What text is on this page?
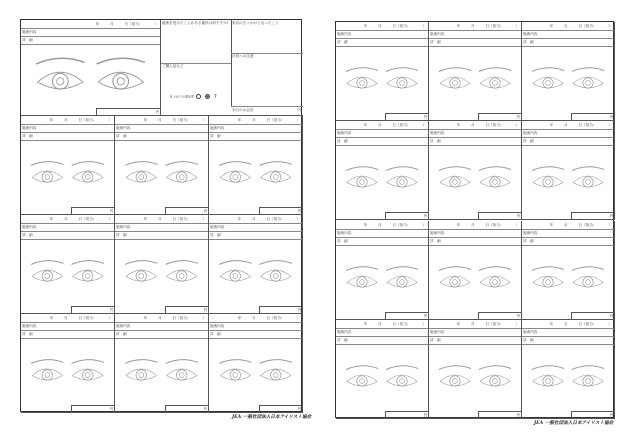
年　　　月　　　日（担当:　　　　）
施術内容
詳　細
円
施術を受けたことがある箇所は何ですか? 来店のきっかけとなったこと
ご購入品など
次回への注意
仕上がりの満足度	?
本日のお会計	円
年　　　月　　　日（担当:　　　　）
施術内容
詳　細
円
年　　　月　　　日（担当:　　　　）
施術内容
詳　細
円
年　　　月　　　日（担当:　　　　）
施術内容
詳　細
円
年　　　月　　　日（担当:　　　　）
施術内容
詳　細
円
年　　　月　　　日（担当:　　　　）
施術内容
詳　細
円
年　　　月　　　日（担当:　　　　）
施術内容
詳　細
円
年　　　月　　　日（担当:　　　　）
施術内容
詳　細
円
年　　　月　　　日（担当:　　　　）
施術内容
詳　細
円
年　　　月　　　日（担当:　　　　）
施術内容
詳　細
円
年　　　月　　　日（担当:　　　　）
施術内容
詳　細
円
年　　　月　　　日（担当:　　　　）
施術内容
詳　細
円
年　　　月　　　日（担当:　　　　）
施術内容
詳　細
円
年　　　月　　　日（担当:　　　　）
施術内容
詳　細
円
年　　　月　　　日（担当:　　　　）
施術内容
詳　細
円
年　　　月　　　日（担当:　　　　）
施術内容
詳　細
円
年　　　月　　　日（担当:　　　　）
施術内容
詳　細
円
年　　　月　　　日（担当:　　　　）
施術内容
詳　細
円
年　　　月　　　日（担当:　　　　）
施術内容
詳　細
円
年　　　月　　　日（担当:　　　　）
施術内容
詳　細
円
年　　　月　　　日（担当:　　　　）
施術内容
詳　細
円
年　　　月　　　日（担当:　　　　）
施術内容
詳　細
円
JEA 一般社団法人日本アイリスト協会
JEA 一般社団法人日本アイリスト協会
